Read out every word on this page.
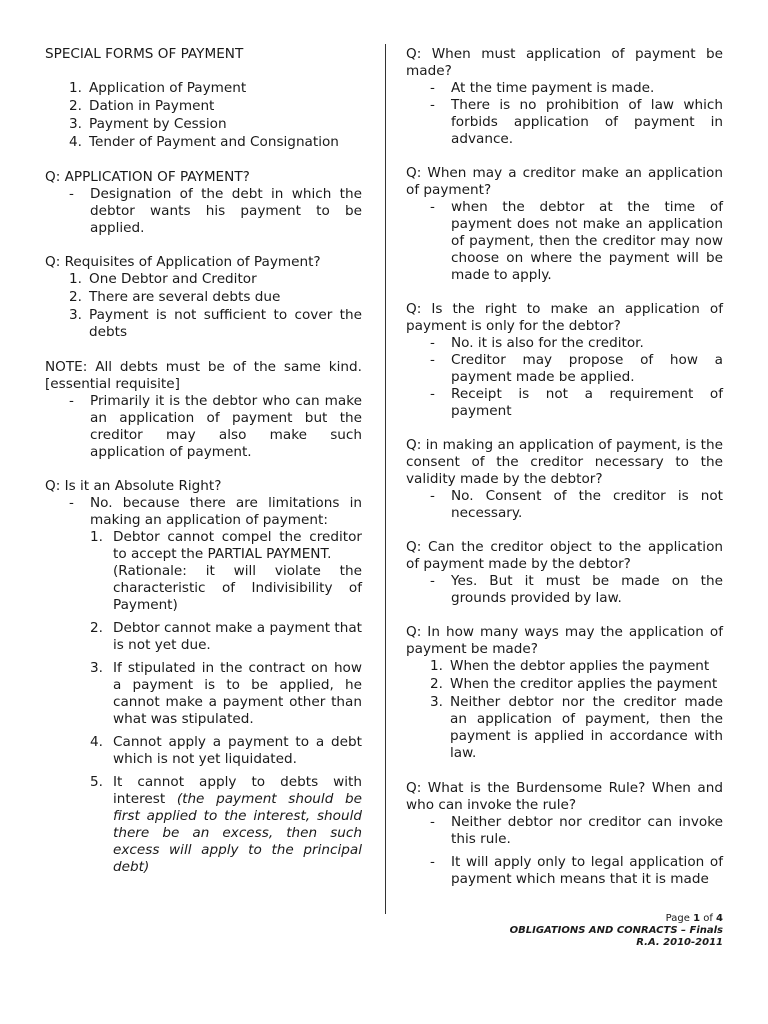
SPECIAL FORMS OF PAYMENT

1. Application of Payment
2. Dation in Payment
3. Payment by Cession
4. Tender of Payment and Consignation

Q: APPLICATION OF PAYMENT?

- Designation of the debt in which the debtor wants his payment to be applied.

Q: Requisites of Application of Payment?

1. One Debtor and Creditor
2. There are several debts due
3. Payment is not sufficient to cover the debts

NOTE: All debts must be of the same kind. [essential requisite]

- Primarily it is the debtor who can make an application of payment but the creditor may also make such application of payment.

Q: Is it an Absolute Right?

- No. because there are limitations in making an application of payment:
1. Debtor cannot compel the creditor to accept the PARTIAL PAYMENT.
(Rationale: it will violate the characteristic of Indivisibility of Payment)
2. Debtor cannot make a payment that is not yet due.
3. If stipulated in the contract on how a payment is to be applied, he cannot make a payment other than what was stipulated.
4. Cannot apply a payment to a debt which is not yet liquidated.
5. It cannot apply to debts with interest (the payment should be first applied to the interest, should there be an excess, then such excess will apply to the principal debt)

Q: When must application of payment be made?

- At the time payment is made.
- There is no prohibition of law which forbids application of payment in advance.

Q: When may a creditor make an application of payment?

- when the debtor at the time of payment does not make an application of payment, then the creditor may now choose on where the payment will be made to apply.

Q: Is the right to make an application of payment is only for the debtor?

- No. it is also for the creditor.
- Creditor may propose of how a payment made be applied.
- Receipt is not a requirement of payment

Q: in making an application of payment, is the consent of the creditor necessary to the validity made by the debtor?

- No. Consent of the creditor is not necessary.

Q: Can the creditor object to the application of payment made by the debtor?

- Yes. But it must be made on the grounds provided by law.

Q: In how many ways may the application of payment be made?

1. When the debtor applies the payment
2. When the creditor applies the payment
3. Neither debtor nor the creditor made an application of payment, then the payment is applied in accordance with law.

Q: What is the Burdensome Rule? When and who can invoke the rule?

- Neither debtor nor creditor can invoke this rule.
- It will apply only to legal application of payment which means that it is made
Page 1 of 4
OBLIGATIONS AND CONRACTS – Finals
R.A. 2010-2011
